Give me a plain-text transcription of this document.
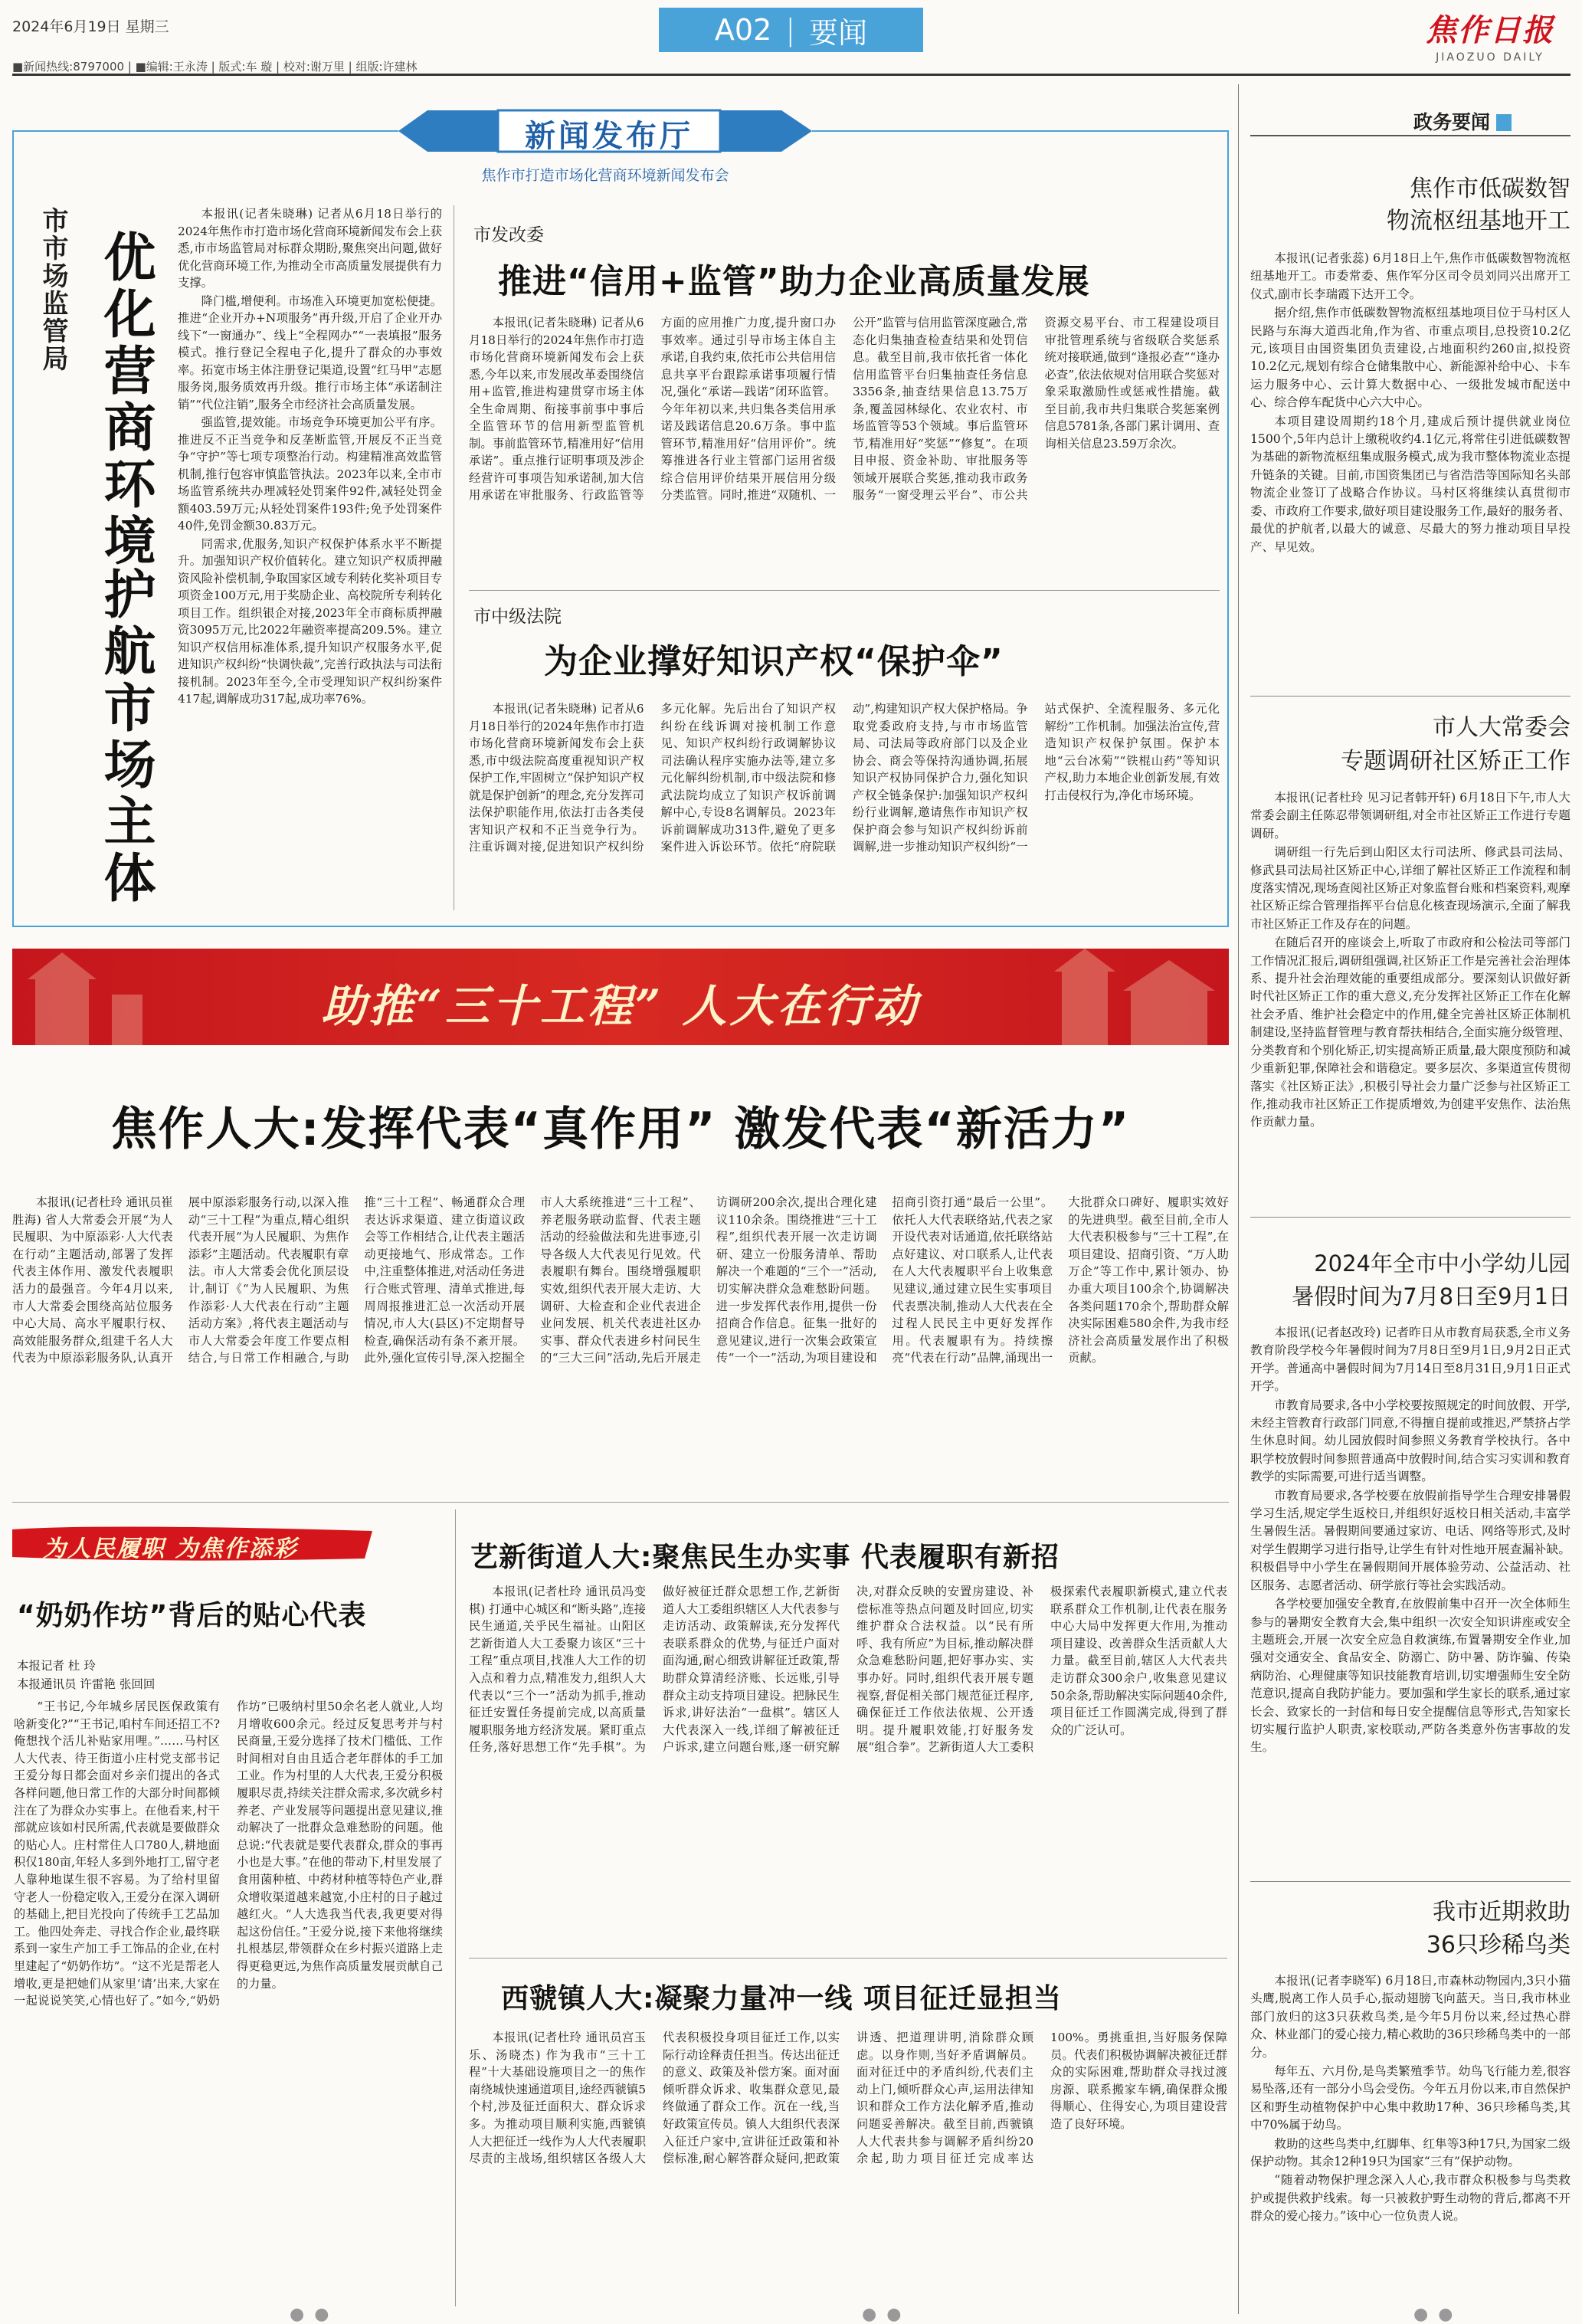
2024年6月19日 星期三	A02 | 要闻	焦作日报
JIAOZUO DAILY
■新闻热线:8797000 | ■编辑:王永涛 | 版式:车 璇 | 校对:谢万里 | 组版:许建林
政务要闻
焦作市低碳数智
物流枢纽基地开工

本报讯(记者张蕊) 6月18日上午,焦作市低碳数智物流枢纽基地开工。市委常委、焦作军分区司令员刘同兴出席开工仪式,副市长李瑞霞下达开工令。

据介绍,焦作市低碳数智物流枢纽基地项目位于马村区人民路与东海大道西北角,作为省、市重点项目,总投资10.2亿元,该项目由国资集团负责建设,占地面积约260亩,拟投资10.2亿元,规划有综合仓储集散中心、新能源补给中心、卡车运力服务中心、云计算大数据中心、一级批发城市配送中心、综合停车配货中心六大中心。

本项目建设周期约18个月,建成后预计提供就业岗位1500个,5年内总计上缴税收约4.1亿元,将常住引进低碳数智为基础的新物流枢纽集成服务模式,成为我市整体物流业态提升链条的关键。目前,市国资集团已与省浩浩等国际知名头部物流企业签订了战略合作协议。马村区将继续认真贯彻市委、市政府工作要求,做好项目建设服务工作,最好的服务者、最优的护航者,以最大的诚意、尽最大的努力推动项目早投产、早见效。

市人大常委会
专题调研社区矫正工作

本报讯(记者杜玲 见习记者韩开轩) 6月18日下午,市人大常委会副主任陈忍带领调研组,对全市社区矫正工作进行专题调研。

调研组一行先后到山阳区太行司法所、修武县司法局、修武县司法局社区矫正中心,详细了解社区矫正工作流程和制度落实情况,现场查阅社区矫正对象监督台账和档案资料,观摩社区矫正综合管理指挥平台信息化核查现场演示,全面了解我市社区矫正工作及存在的问题。

在随后召开的座谈会上,听取了市政府和公检法司等部门工作情况汇报后,调研组强调,社区矫正工作是完善社会治理体系、提升社会治理效能的重要组成部分。要深刻认识做好新时代社区矫正工作的重大意义,充分发挥社区矫正工作在化解社会矛盾、维护社会稳定中的作用,健全完善社区矫正体制机制建设,坚持监督管理与教育帮扶相结合,全面实施分级管理、分类教育和个别化矫正,切实提高矫正质量,最大限度预防和减少重新犯罪,保障社会和谐稳定。要多层次、多渠道宣传贯彻落实《社区矫正法》,积极引导社会力量广泛参与社区矫正工作,推动我市社区矫正工作提质增效,为创建平安焦作、法治焦作贡献力量。

2024年全市中小学幼儿园
暑假时间为7月8日至9月1日

本报讯(记者赵改玲) 记者昨日从市教育局获悉,全市义务教育阶段学校今年暑假时间为7月8日至9月1日,9月2日正式开学。普通高中暑假时间为7月14日至8月31日,9月1日正式开学。

市教育局要求,各中小学校要按照规定的时间放假、开学,未经主管教育行政部门同意,不得擅自提前或推迟,严禁挤占学生休息时间。幼儿园放假时间参照义务教育学校执行。各中职学校放假时间参照普通高中放假时间,结合实习实训和教育教学的实际需要,可进行适当调整。

市教育局要求,各学校要在放假前指导学生合理安排暑假学习生活,规定学生返校日,并组织好返校日相关活动,丰富学生暑假生活。暑假期间要通过家访、电话、网络等形式,及时对学生假期学习进行指导,让学生有针对性地开展查漏补缺。积极倡导中小学生在暑假期间开展体验劳动、公益活动、社区服务、志愿者活动、研学旅行等社会实践活动。

各学校要加强安全教育,在放假前集中召开一次全体师生参与的暑期安全教育大会,集中组织一次安全知识讲座或安全主题班会,开展一次安全应急自救演练,布置暑期安全作业,加强对交通安全、食品安全、防溺亡、防中暑、防诈骗、传染病防治、心理健康等知识技能教育培训,切实增强师生安全防范意识,提高自我防护能力。要加强和学生家长的联系,通过家长会、致家长的一封信和每日安全提醒信息等形式,告知家长切实履行监护人职责,家校联动,严防各类意外伤害事故的发生。

我市近期救助
36只珍稀鸟类

本报讯(记者李晓军) 6月18日,市森林动物园内,3只小猫头鹰,脱离工作人员手心,振动翅膀飞向蓝天。当日,我市林业部门放归的这3只获救鸟类,是今年5月份以来,经过热心群众、林业部门的爱心接力,精心救助的36只珍稀鸟类中的一部分。

每年五、六月份,是鸟类繁殖季节。幼鸟飞行能力差,很容易坠落,还有一部分小鸟会受伤。今年五月份以来,市自然保护区和野生动植物保护中心集中救助17种、36只珍稀鸟类,其中70%属于幼鸟。

救助的这些鸟类中,红脚隼、红隼等3种17只,为国家二级保护动物。其余12种19只为国家“三有”保护动物。

“随着动物保护理念深入人心,我市群众积极参与鸟类救护或提供救护线索。每一只被救护野生动物的背后,都离不开群众的爱心接力。”该中心一位负责人说。

新闻发布厅
焦作市打造市场化营商环境新闻发布会
市市场监管局 优化营商环境
护航市场主体

本报讯(记者朱晓琳) 记者从6月18日举行的2024年焦作市打造市场化营商环境新闻发布会上获悉,市市场监管局对标群众期盼,聚焦突出问题,做好优化营商环境工作,为推动全市高质量发展提供有力支撑。

降门槛,增便利。市场准入环境更加宽松便捷。推进“企业开办+N项服务”再升级,开启了企业开办线下“一窗通办”、线上“全程网办”“一表填报”服务模式。推行登记全程电子化,提升了群众的办事效率。拓宽市场主体注册登记渠道,设置“红马甲”志愿服务岗,服务质效再升级。推行市场主体“承诺制注销”“代位注销”,服务全市经济社会高质量发展。

强监管,提效能。市场竞争环境更加公平有序。推进反不正当竞争和反垄断监管,开展反不正当竞争“守护”等七项专项整治行动。构建精准高效监管机制,推行包容审慎监管执法。2023年以来,全市市场监管系统共办理减轻处罚案件92件,减轻处罚金额403.59万元;从轻处罚案件193件;免予处罚案件40件,免罚金额30.83万元。

同需求,优服务,知识产权保护体系水平不断提升。加强知识产权价值转化。建立知识产权质押融资风险补偿机制,争取国家区域专利转化奖补项目专项资金100万元,用于奖励企业、高校院所专利转化项目工作。组织银企对接,2023年全市商标质押融资3095万元,比2022年融资率提高209.5%。建立知识产权信用标准体系,提升知识产权服务水平,促进知识产权纠纷“快调快裁”,完善行政执法与司法衔接机制。2023年至今,全市受理知识产权纠纷案件417起,调解成功317起,成功率76%。

市发改委
推进“信用+监管”助力企业高质量发展
本报讯(记者朱晓琳) 记者从6月18日举行的2024年焦作市打造市场化营商环境新闻发布会上获悉,今年以来,市发展改革委围绕信用+监管,推进构建贯穿市场主体全生命周期、衔接事前事中事后全监管环节的信用新型监管机制。事前监管环节,精准用好“信用承诺”。重点推行证明事项及涉企经营许可事项告知承诺制,加大信用承诺在审批服务、行政监管等方面的应用推广力度,提升窗口办事效率。通过引导市场主体自主承诺,自我约束,依托市公共信用信息共享平台跟踪承诺事项履行情况,强化“承诺—践诺”闭环监管。今年年初以来,共归集各类信用承诺及践诺信息20.6万条。事中监管环节,精准用好“信用评价”。统筹推进各行业主管部门运用省级综合信用评价结果开展信用分级分类监管。同时,推进“双随机、一公开”监管与信用监管深度融合,常态化归集抽查检查结果和处罚信息。截至目前,我市依托省一体化信用监管平台归集抽查任务信息3356条,抽查结果信息13.75万条,覆盖园林绿化、农业农村、市场监管等53个领域。事后监管环节,精准用好“奖惩”“修复”。在项目申报、资金补助、审批服务等领域开展联合奖惩,推动我市政务服务“一窗受理云平台”、市公共资源交易平台、市工程建设项目审批管理系统与省级联合奖惩系统对接联通,做到“逢报必查”“逢办必查”,依法依规对信用联合奖惩对象采取激励性或惩戒性措施。截至目前,我市共归集联合奖惩案例信息5781条,各部门累计调用、查询相关信息23.59万余次。
市中级法院
为企业撑好知识产权“保护伞”
本报讯(记者朱晓琳) 记者从6月18日举行的2024年焦作市打造市场化营商环境新闻发布会上获悉,市中级法院高度重视知识产权保护工作,牢固树立“保护知识产权就是保护创新”的理念,充分发挥司法保护职能作用,依法打击各类侵害知识产权和不正当竞争行为。注重诉调对接,促进知识产权纠纷多元化解。先后出台了知识产权纠纷在线诉调对接机制工作意见、知识产权纠纷行政调解协议司法确认程序实施办法等,建立多元化解纠纷机制,市中级法院和修武法院均成立了知识产权诉前调解中心,专设8名调解员。2023年诉前调解成功313件,避免了更多案件进入诉讼环节。依托“府院联动”,构建知识产权大保护格局。争取党委政府支持,与市市场监管局、司法局等政府部门以及企业协会、商会等保持沟通协调,拓展知识产权协同保护合力,强化知识产权全链条保护:加强知识产权纠纷行业调解,邀请焦作市知识产权保护商会参与知识产权纠纷诉前调解,进一步推动知识产权纠纷“一站式保护、全流程服务、多元化解纷”工作机制。加强法治宣传,营造知识产权保护氛围。保护本地“云台冰菊”“铁棍山药”等知识产权,助力本地企业创新发展,有效打击侵权行为,净化市场环境。
助推“三十工程” 人大在行动
焦作人大:发挥代表“真作用” 激发代表“新活力”
本报讯(记者杜玲 通讯员崔胜海) 省人大常委会开展“为人民履职、为中原添彩·人大代表在行动”主题活动,部署了发挥代表主体作用、激发代表履职活力的最强音。今年4月以来,市人大常委会围绕高站位服务中心大局、高水平履职行权、高效能服务群众,组建千名人大代表为中原添彩服务队,认真开展中原添彩服务行动,以深入推动“三十工程”为重点,精心组织代表开展“为人民履职、为焦作添彩”主题活动。代表履职有章法。市人大常委会优化顶层设计,制订《“为人民履职、为焦作添彩·人大代表在行动”主题活动方案》,将代表主题活动与市人大常委会年度工作要点相结合,与日常工作相融合,与助推“三十工程”、畅通群众合理表达诉求渠道、建立街道议政会等工作相结合,让代表主题活动更接地气、形成常态。工作中,注重整体推进,对活动任务进行合账式管理、清单式推进,每周周报推进汇总一次活动开展情况,市人大(县区)不定期督导检查,确保活动有条不紊开展。此外,强化宣传引导,深入挖掘全市人大系统推进“三十工程”、养老服务联动监督、代表主题活动的经验做法和先进事迹,引导各级人大代表见行见效。代表履职有舞台。围绕增强履职实效,组织代表开展大走访、大调研、大检查和企业代表进企业问发展、机关代表进社区办实事、群众代表进乡村问民生的“三大三问”活动,先后开展走访调研200余次,提出合理化建议110余条。围绕推进“三十工程”,组织代表开展一次走访调研、建立一份服务清单、帮助解决一个难题的“三个一”活动,切实解决群众急难愁盼问题。进一步发挥代表作用,提供一份招商合作信息。征集一批好的意见建议,进行一次集会政策宣传“一个一”活动,为项目建设和招商引资打通“最后一公里”。依托人大代表联络站,代表之家开设代表对话通道,依托联络站点好建议、对口联系人,让代表在人大代表履职平台上收集意见建议,通过建立民生实事项目代表票决制,推动人大代表在全过程人民民主中更好发挥作用。代表履职有为。持续擦亮“代表在行动”品牌,涌现出一大批群众口碑好、履职实效好的先进典型。截至目前,全市人大代表积极参与“三十工程”,在项目建设、招商引资、“万人助万企”等工作中,累计领办、协办重大项目100余个,协调解决各类问题170余个,帮助群众解决实际困难580余件,为我市经济社会高质量发展作出了积极贡献。
为人民履职 为焦作添彩
“奶奶作坊”背后的贴心代表
本报记者 杜 玲
本报通讯员 许雷艳 张回回
“王书记,今年城乡居民医保政策有啥新变化?”“王书记,咱村车间还招工不?俺想找个活儿补贴家用哩。”……马村区人大代表、待王街道小庄村党支部书记王爱分每日都会面对乡亲们提出的各式各样问题,他日常工作的大部分时间都倾注在了为群众办实事上。在他看来,村干部就应该如村民所需,代表就是要做群众的贴心人。庄村常住人口780人,耕地面积仅180亩,年轻人多到外地打工,留守老人靠种地谋生很不容易。为了给村里留守老人一份稳定收入,王爱分在深入调研的基础上,把目光投向了传统手工艺品加工。他四处奔走、寻找合作企业,最终联系到一家生产加工手工饰品的企业,在村里建起了“奶奶作坊”。“这不光是帮老人增收,更是把她们从家里‘请’出来,大家在一起说说笑笑,心情也好了。”如今,“奶奶作坊”已吸纳村里50余名老人就业,人均月增收600余元。经过反复思考并与村民商量,王爱分选择了技术门槛低、工作时间相对自由且适合老年群体的手工加工业。作为村里的人大代表,王爱分积极履职尽责,持续关注群众需求,多次就乡村养老、产业发展等问题提出意见建议,推动解决了一批群众急难愁盼的问题。他总说:“代表就是要代表群众,群众的事再小也是大事。”在他的带动下,村里发展了食用菌种植、中药材种植等特色产业,群众增收渠道越来越宽,小庄村的日子越过越红火。“人大选我当代表,我更要对得起这份信任。”王爱分说,接下来他将继续扎根基层,带领群众在乡村振兴道路上走得更稳更远,为焦作高质量发展贡献自己的力量。
艺新街道人大:聚焦民生办实事 代表履职有新招
本报讯(记者杜玲 通讯员冯变棋) 打通中心城区和“断头路”,连接民生通道,关乎民生福祉。山阳区艺新街道人大工委聚力该区“三十工程”重点项目,找准人大工作的切入点和着力点,精准发力,组织人大代表以“三个一”活动为抓手,推动征迁安置任务提前完成,以高质量履职服务地方经济发展。紧盯重点任务,落好思想工作“先手棋”。为做好被征迁群众思想工作,艺新街道人大工委组织辖区人大代表参与走访活动、政策解读,充分发挥代表联系群众的优势,与征迁户面对面沟通,耐心细致讲解征迁政策,帮助群众算清经济账、长远账,引导群众主动支持项目建设。把脉民生诉求,讲好法治“一盘棋”。辖区人大代表深入一线,详细了解被征迁户诉求,建立问题台账,逐一研究解决,对群众反映的安置房建设、补偿标准等热点问题及时回应,切实维护群众合法权益。以“民有所呼、我有所应”为目标,推动解决群众急难愁盼问题,把好事办实、实事办好。同时,组织代表开展专题视察,督促相关部门规范征迁程序,确保征迁工作依法依规、公开透明。提升履职效能,打好服务发展“组合拳”。艺新街道人大工委积极探索代表履职新模式,建立代表联系群众工作机制,让代表在服务中心大局中发挥更大作用,为推动项目建设、改善群众生活贡献人大力量。截至目前,辖区人大代表共走访群众300余户,收集意见建议50余条,帮助解决实际问题40余件,项目征迁工作圆满完成,得到了群众的广泛认可。
西虢镇人大:凝聚力量冲一线 项目征迁显担当
本报讯(记者杜玲 通讯员宫玉乐、汤晓杰) 作为我市“三十工程”十大基础设施项目之一的焦作南绕城快速通道项目,途经西虢镇5个村,涉及征迁面积大、群众诉求多。为推动项目顺利实施,西虢镇人大把征迁一线作为人大代表履职尽责的主战场,组织辖区各级人大代表积极投身项目征迁工作,以实际行动诠释责任担当。传达出征迁的意义、政策及补偿方案。面对面倾听群众诉求、收集群众意见,最终做通了群众工作。沉在一线,当好政策宣传员。镇人大组织代表深入征迁户家中,宣讲征迁政策和补偿标准,耐心解答群众疑问,把政策讲透、把道理讲明,消除群众顾虑。以身作则,当好矛盾调解员。面对征迁中的矛盾纠纷,代表们主动上门,倾听群众心声,运用法律知识和群众工作方法化解矛盾,推动问题妥善解决。截至目前,西虢镇人大代表共参与调解矛盾纠纷20余起,助力项目征迁完成率达100%。勇挑重担,当好服务保障员。代表们积极协调解决被征迁群众的实际困难,帮助群众寻找过渡房源、联系搬家车辆,确保群众搬得顺心、住得安心,为项目建设营造了良好环境。
● ●	● ●	● ●
